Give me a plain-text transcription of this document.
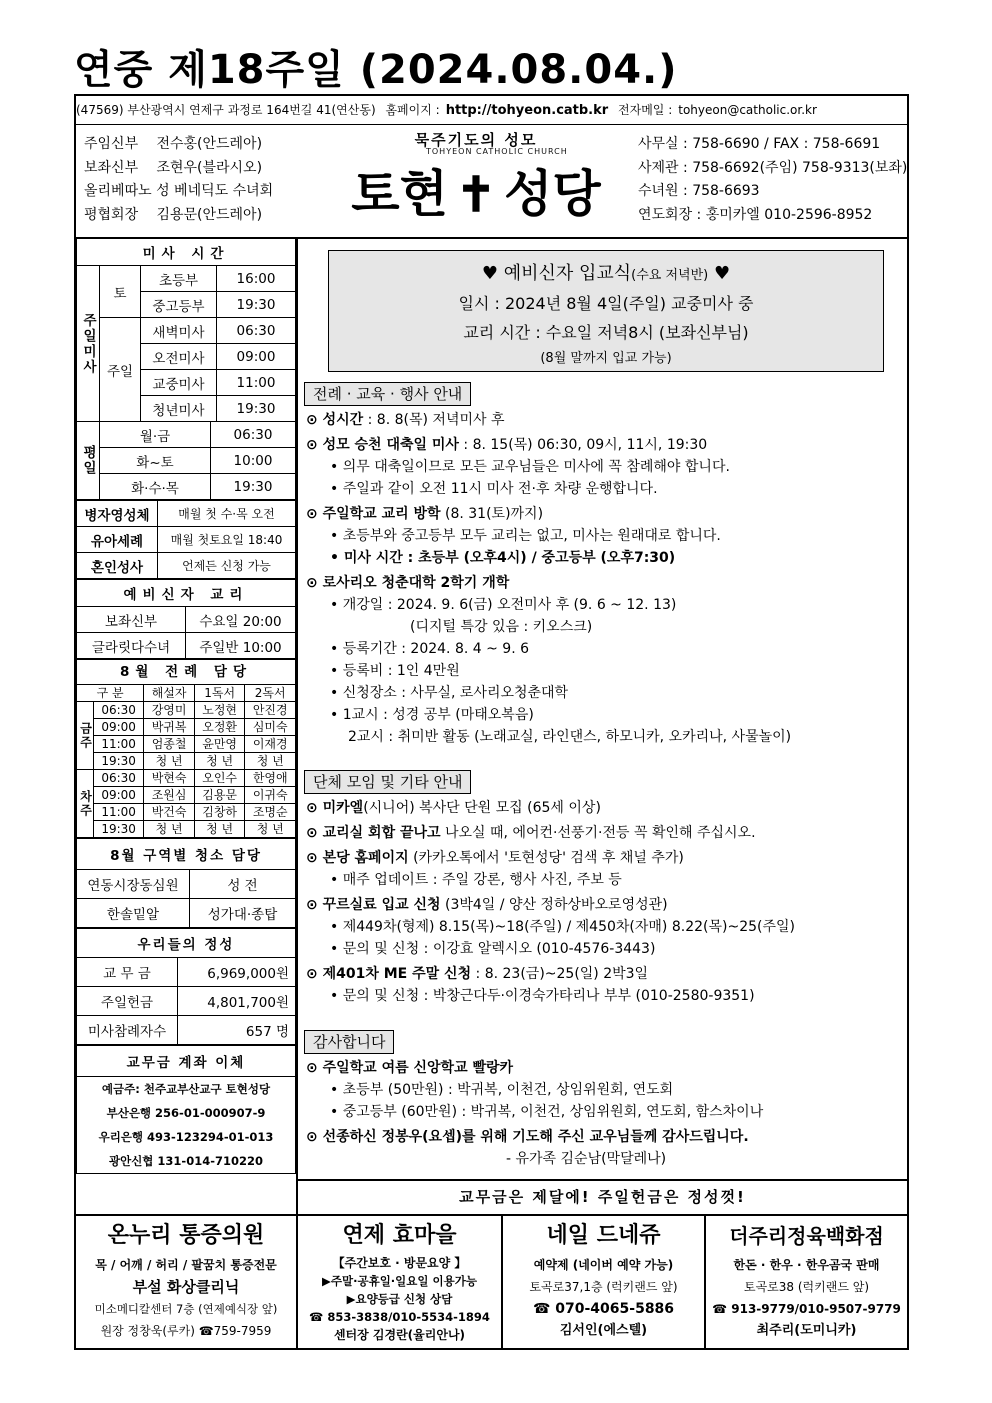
연중 제18주일 (2024.08.04.)
(47569) 부산광역시 연제구 과정로 164번길 41(연산동) 홈페이지 : http://tohyeon.catb.kr 전자메일 : tohyeon@catholic.or.kr
주임신부 전수홍(안드레아)
보좌신부 조현우(블라시오)
올리베따노 성 베네딕도 수녀회
평협회장 김용문(안드레아)
묵주기도의 성모
TOHYEON CATHOLIC CHURCH
토현 ✝ 성당
사무실 : 758-6690 / FAX : 758-6691
사제관 : 758-6692(주임) 758-9313(보좌)
수녀원 : 758-6693
연도회장 : 홍미카엘 010-2596-8952
미사 시간
주일미사	토	
초등부	16:00

중고등부	19:30

주일	
새벽미사	06:30

오전미사	09:00

교중미사	11:00

청년미사	19:30

평일	
월·금	06:30

화~토	10:00

화·수·목	19:30
병자영성체	매월 첫 수·목 오전
유아세례	매월 첫토요일 18:40
혼인성사	언제든 신청 가능
예비신자 교리	
보좌신부	수요일 20:00
글라릿다수녀	주일반 10:00
8월 전례 담당				
구 분		해설자	1독서	2독서
금주	06:30	강영미	노정현	안진경
	09:00	박귀복	오정환	심미숙
	11:00	엄종철	윤만영	이재경
	19:30	청 년	청 년	청 년
차주	06:30	박현숙	오인수	한영애
	09:00	조원심	김용문	이귀숙
	11:00	박건숙	김창하	조명순
	19:30	청 년	청 년	청 년
8월 구역별 청소 담당	
연동시장동심원	성 전
한솔밑알	성가대·종탑
우리들의 정성	
교 무 금	6,969,000원
주일헌금	4,801,700원
미사참례자수	657 명
교무금 계좌 이체

예금주: 천주교부산교구 토현성당
부산은행 256-01-000907-9
우리은행 493-123294-01-013
광안신협 131-014-710220
♥ 예비신자 입교식(수요 저녁반) ♥
일시 : 2024년 8월 4일(주일) 교중미사 중
교리 시간 : 수요일 저녁8시 (보좌신부님)
(8월 말까지 입교 가능)
전례 · 교육 · 행사 안내
⊙ 성시간 : 8. 8(목) 저녁미사 후
⊙ 성모 승천 대축일 미사 : 8. 15(목) 06:30, 09시, 11시, 19:30
• 의무 대축일이므로 모든 교우님들은 미사에 꼭 참례해야 합니다.
• 주일과 같이 오전 11시 미사 전·후 차량 운행합니다.
⊙ 주일학교 교리 방학 (8. 31(토)까지)
• 초등부와 중고등부 모두 교리는 없고, 미사는 원래대로 합니다.
• 미사 시간 : 초등부 (오후4시) / 중고등부 (오후7:30)
⊙ 로사리오 청춘대학 2학기 개학
• 개강일 : 2024. 9. 6(금) 오전미사 후 (9. 6 ~ 12. 13)
(디지털 특강 있음 : 키오스크)
• 등록기간 : 2024. 8. 4 ~ 9. 6
• 등록비 : 1인 4만원
• 신청장소 : 사무실, 로사리오청춘대학
• 1교시 : 성경 공부 (마태오복음)
2교시 : 취미반 활동 (노래교실, 라인댄스, 하모니카, 오카리나, 사물놀이)
단체 모임 및 기타 안내
⊙ 미카엘(시니어) 복사단 단원 모집 (65세 이상)
⊙ 교리실 회합 끝나고 나오실 때, 에어컨·선풍기·전등 꼭 확인해 주십시오.
⊙ 본당 홈페이지 (카카오톡에서 '토현성당' 검색 후 채널 추가)
• 매주 업데이트 : 주일 강론, 행사 사진, 주보 등
⊙ 꾸르실료 입교 신청 (3박4일 / 양산 정하상바오로영성관)
• 제449차(형제) 8.15(목)~18(주일) / 제450차(자매) 8.22(목)~25(주일)
• 문의 및 신청 : 이강효 알렉시오 (010-4576-3443)
⊙ 제401차 ME 주말 신청 : 8. 23(금)~25(일) 2박3일
• 문의 및 신청 : 박창근다두·이경숙가타리나 부부 (010-2580-9351)
감사합니다
⊙ 주일학교 여름 신앙학교 빨랑카
• 초등부 (50만원) : 박귀복, 이천건, 상임위원회, 연도회
• 중고등부 (60만원) : 박귀복, 이천건, 상임위원회, 연도회, 함스차이나
⊙ 선종하신 정봉우(요셉)를 위해 기도해 주신 교우님들께 감사드립니다.
- 유가족 김순남(막달레나)
교무금은 제달에! 주일헌금은 정성껏!
온누리 통증의원
목 / 어깨 / 허리 / 팔꿈치 통증전문
부설 화상클리닉
미소메디칼센터 7층 (연제예식장 앞)
원장 정창욱(루카) ☎759-7959
연제 효마을
【주간보호 · 방문요양 】
▶주말·공휴일·일요일 이용가능
▶요양등급 신청 상담
☎ 853-3838/010-5534-1894
센터장 김경란(율리안나)
네일 드네쥬
예약제 (네이버 예약 가능)
토곡로37,1층 (럭키랜드 앞)
☎ 070-4065-5886
김서인(에스텔)
더주리정육백화점
한돈 · 한우 · 한우곰국 판매
토곡로38 (럭키랜드 앞)
☎ 913-9779/010-9507-9779
최주리(도미니카)
